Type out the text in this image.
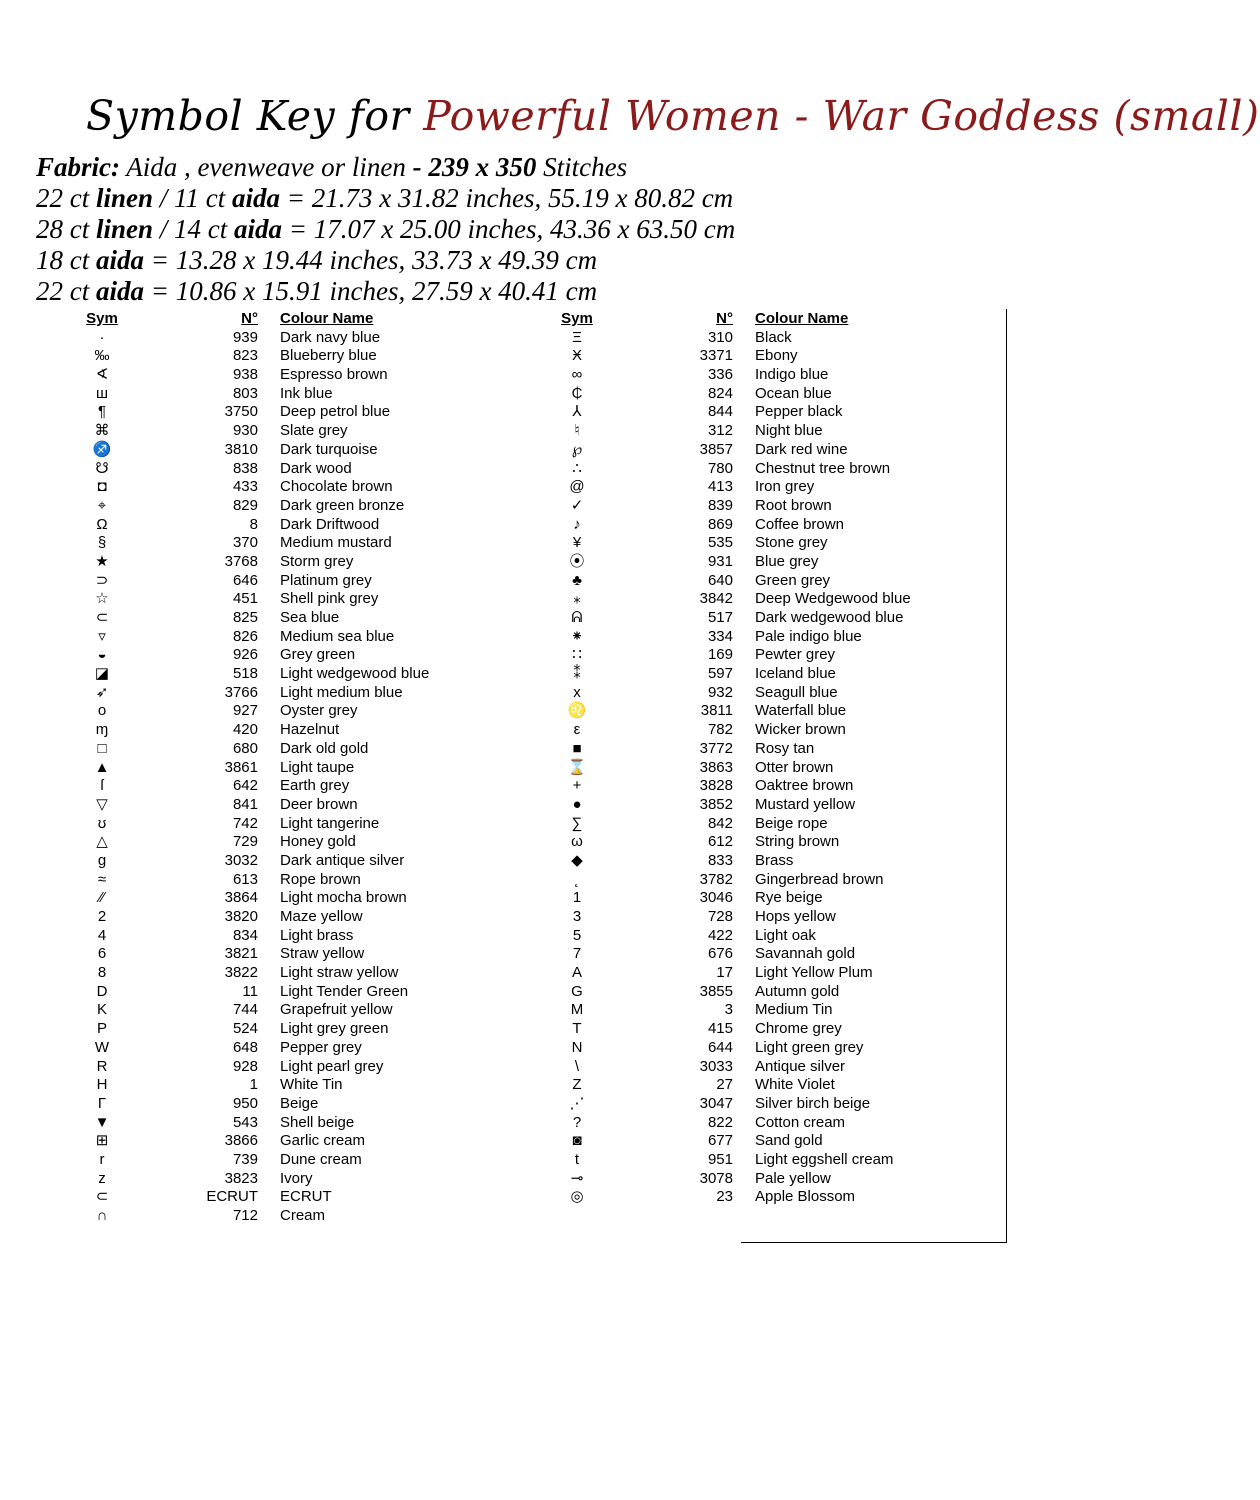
Symbol Key for Powerful Women - War Goddess (small)
Fabric: Aida , evenweave or linen - 239 x 350 Stitches
22 ct linen / 11 ct aida = 21.73 x 31.82 inches, 55.19 x 80.82 cm
28 ct linen / 14 ct aida = 17.07 x 25.00 inches, 43.36 x 63.50 cm
18 ct aida = 13.28 x 19.44 inches, 33.73 x 49.39 cm
22 ct aida = 10.86 x 15.91 inches, 27.59 x 40.41 cm
Sym	N° Colour Name
·	939 Dark navy blue
‰	823 Blueberry blue
∢	938 Espresso brown
ш	803 Ink blue
¶	3750 Deep petrol blue
⌘	930 Slate grey
♐	3810 Dark turquoise
☋	838 Dark wood
◘	433 Chocolate brown
⌖	829 Dark green bronze
Ω	8 Dark Driftwood
§	370 Medium mustard
★	3768 Storm grey
⊃	646 Platinum grey
☆	451 Shell pink grey
⊂	825 Sea blue
▿	826 Medium sea blue
◒	926 Grey green
◪	518 Light wedgewood blue
➶	3766 Light medium blue
o	927 Oyster grey
ɱ	420 Hazelnut
□	680 Dark old gold
▲	3861 Light taupe
ſ	642 Earth grey
▽	841 Deer brown
ʊ	742 Light tangerine
△	729 Honey gold
g	3032 Dark antique silver
≈	613 Rope brown
⁄⁄	3864 Light mocha brown
2	3820 Maze yellow
4	834 Light brass
6	3821 Straw yellow
8	3822 Light straw yellow
D	11 Light Tender Green
K	744 Grapefruit yellow
P	524 Light grey green
W	648 Pepper grey
R	928 Light pearl grey
H	1 White Tin
Γ	950 Beige
▼	543 Shell beige
⊞	3866 Garlic cream
r	739 Dune cream
z	3823 Ivory
⊂	ECRUT ECRUT
∩	712 Cream
Sym	N° Colour Name
Ξ	310 Black
Ӿ	3371 Ebony
∞	336 Indigo blue
₵	824 Ocean blue
⅄	844 Pepper black
♮	312 Night blue
℘	3857 Dark red wine
∴	780 Chestnut tree brown
@	413 Iron grey
✓	839 Root brown
♪	869 Coffee brown
¥	535 Stone grey
⦿	931 Blue grey
♣	640 Green grey
⁎	3842 Deep Wedgewood blue
ᕱ	517 Dark wedgewood blue
⁕	334 Pale indigo blue
∷	169 Pewter grey
⁑	597 Iceland blue
x	932 Seagull blue
♌	3811 Waterfall blue
ε	782 Wicker brown
■	3772 Rosy tan
⌛	3863 Otter brown
+	3828 Oaktree brown
●	3852 Mustard yellow
∑	842 Beige rope
ω	612 String brown
◆	833 Brass
˛	3782 Gingerbread brown
1	3046 Rye beige
3	728 Hops yellow
5	422 Light oak
7	676 Savannah gold
A	17 Light Yellow Plum
G	3855 Autumn gold
M	3 Medium Tin
T	415 Chrome grey
N	644 Light green grey
\	3033 Antique silver
Z	27 White Violet
⋰	3047 Silver birch beige
?	822 Cotton cream
◙	677 Sand gold
t	951 Light eggshell cream
⊸	3078 Pale yellow
◎	23 Apple Blossom
